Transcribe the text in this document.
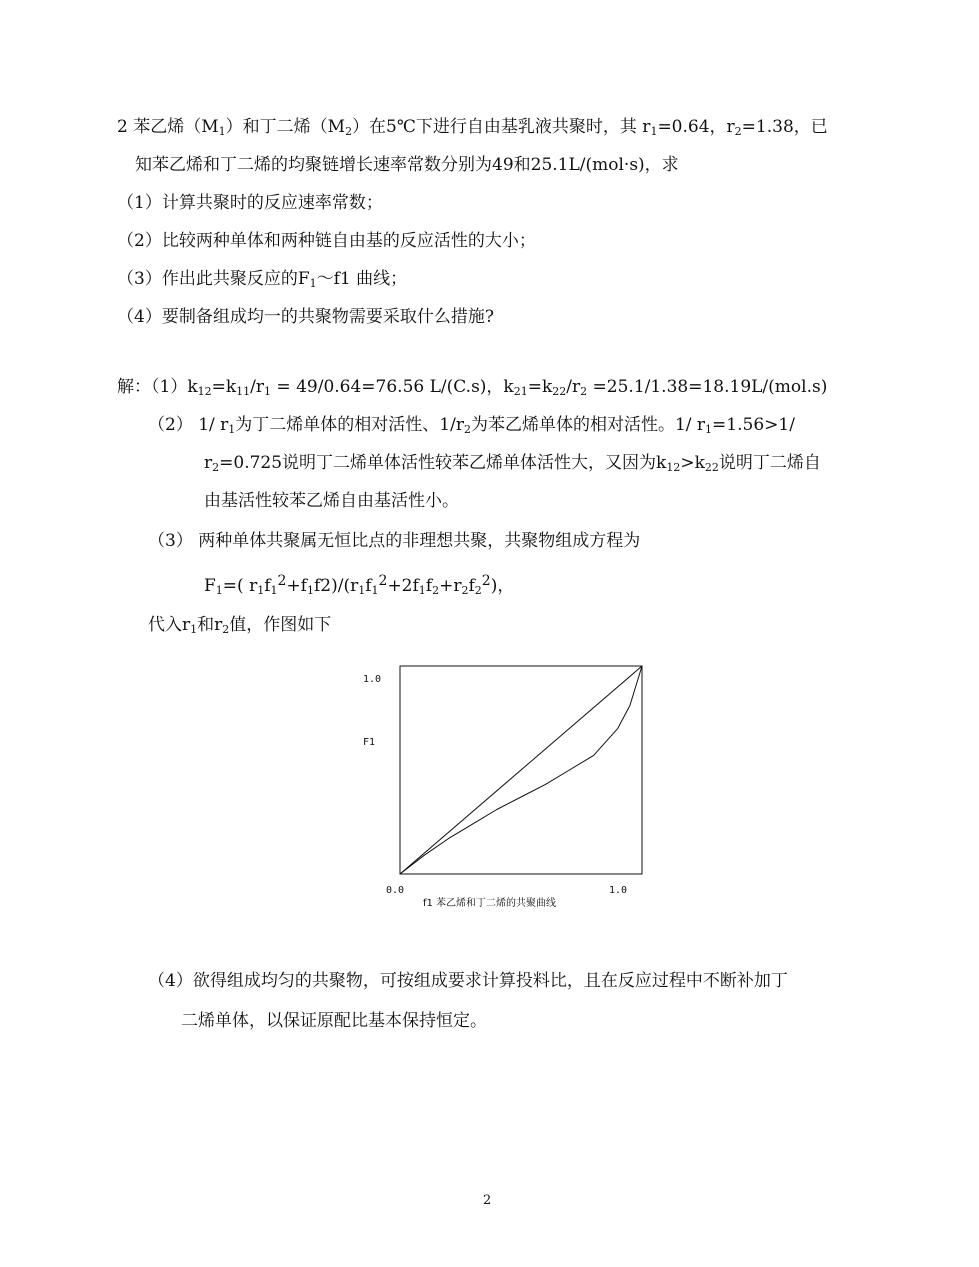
2 苯乙烯$(M_1)$和丁二烯$(M_2)$在5℃下进行自由基乳液共聚时，其 $r_1=0.64$，$r_2=1.38$，已
知苯乙烯和丁二烯的均聚链增长速率常数分别为49和25.1L/(mol·s)，求
（1）计算共聚时的反应速率常数；
（2）比较两种单体和两种链自由基的反应活性的大小；
（3）作出此共聚反应的$F_1\sim f1$ 曲线；
（4）要制备组成均一的共聚物需要采取什么措施?
解：$(1)k_{12}=k_{11}/r_1 = 49/0.64=76.56$ L/(C.s)，$k_{21}=k_{22}/r_2 =25.1/1.38=18.19L/(mol.s)$
（2） 1/ $r_1$为丁二烯单体的相对活性、$1/r_2$为苯乙烯单体的相对活性。1/ $r_1=1.56>1/$
$r_2=0.725$说明丁二烯单体活性较苯乙烯单体活性大，又因为$k_{12}>k_{22}$说明丁二烯自
由基活性较苯乙烯自由基活性小。
（3） 两种单体共聚属无恒比点的非理想共聚，共聚物组成方程为
$F_1=$( $r_1f_1^2+f_1f2)/(r_1f_1^2+2f_1f_2+r_2f_2^2)$，
代入$r_1$和$r_2$值，作图如下
1.0
F1
0.0	1.0
f1 苯乙烯和丁二烯的共聚曲线
（4）欲得组成均匀的共聚物，可按组成要求计算投料比，且在反应过程中不断补加丁
二烯单体，以保证原配比基本保持恒定。
2
